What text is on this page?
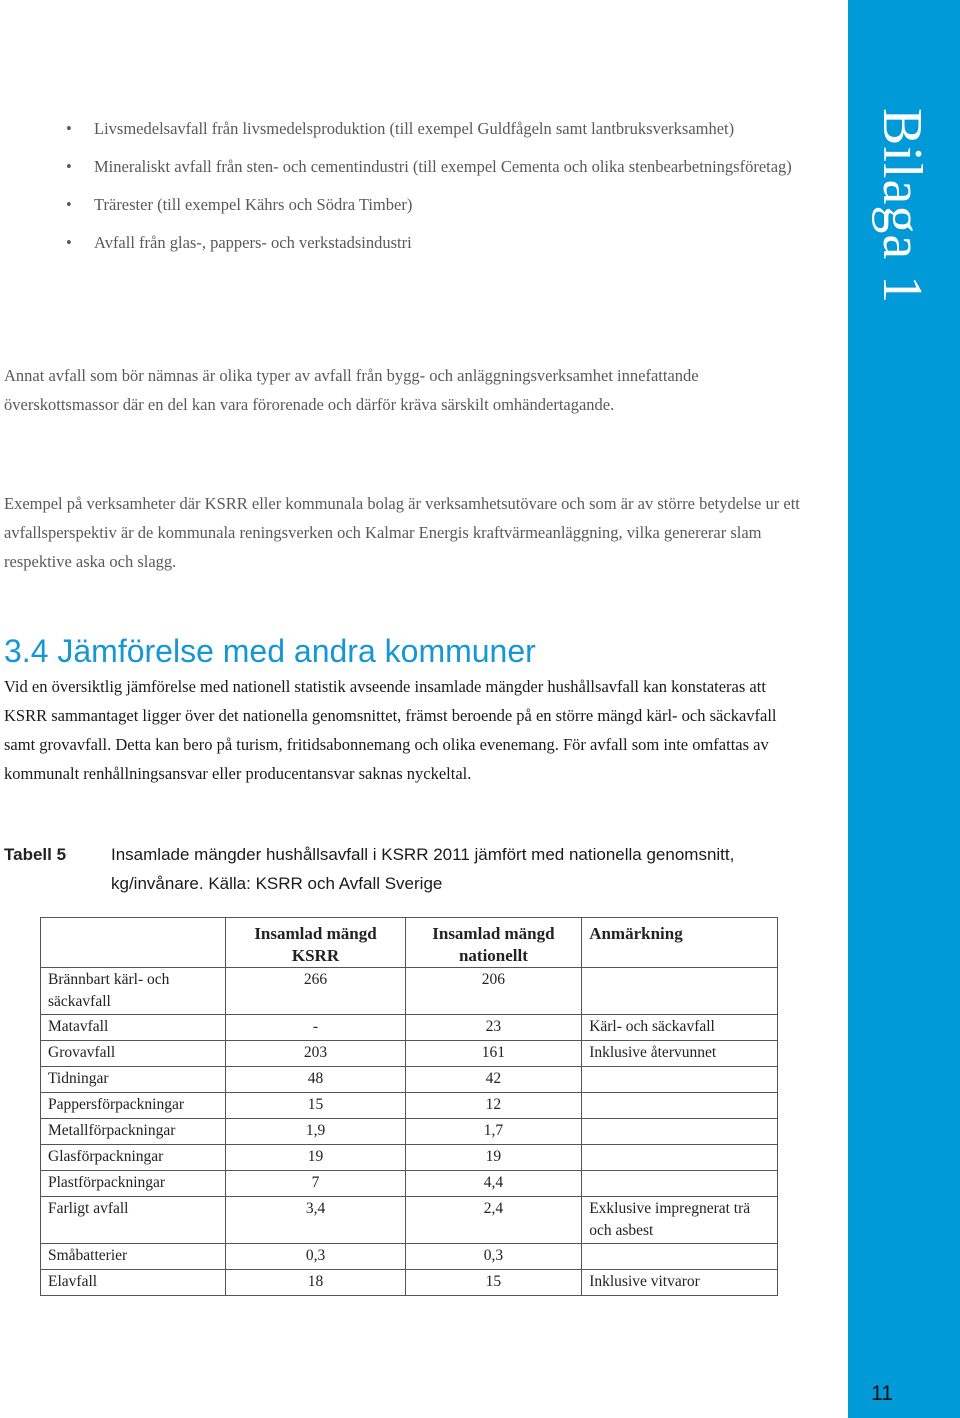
Bilaga 1
11
• Livsmedelsavfall från livsmedelsproduktion (till exempel Guldfågeln samt lantbruksverksamhet)
• Mineraliskt avfall från sten- och cementindustri (till exempel Cementa och olika stenbearbetningsföretag)
• Trärester (till exempel Kährs och Södra Timber)
• Avfall från glas-, pappers- och verkstadsindustri

Annat avfall som bör nämnas är olika typer av avfall från bygg- och anläggningsverksamhet innefattande överskottsmassor där en del kan vara förorenade och därför kräva särskilt omhändertagande.

Exempel på verksamheter där KSRR eller kommunala bolag är verksamhetsutövare och som är av större betydelse ur ett avfallsperspektiv är de kommunala reningsverken och Kalmar Energis kraftvärmeanläggning, vilka genererar slam respektive aska och slagg.

3.4 Jämförelse med andra kommuner

Vid en översiktlig jämförelse med nationell statistik avseende insamlade mängder hushållsavfall kan konstateras att KSRR sammantaget ligger över det nationella genomsnittet, främst beroende på en större mängd kärl- och säckavfall samt grovavfall. Detta kan bero på turism, fritidsabonnemang och olika evenemang. För avfall som inte omfattas av kommunalt renhållningsansvar eller producentansvar saknas nyckeltal.

Tabell 5	Insamlade mängder hushållsavfall i KSRR 2011 jämfört med nationella genomsnitt, kg/invånare. Källa: KSRR och Avfall Sverige
	Insamlad mängd KSRR	Insamlad mängd nationellt	Anmärkning
Brännbart kärl- och säckavfall	266	206	
Matavfall	-	23	Kärl- och säckavfall
Grovavfall	203	161	Inklusive återvunnet
Tidningar	48	42	
Pappersförpackningar	15	12	
Metallförpackningar	1,9	1,7	
Glasförpackningar	19	19	
Plastförpackningar	7	4,4	
Farligt avfall	3,4	2,4	Exklusive impregnerat trä och asbest
Småbatterier	0,3	0,3	
Elavfall	18	15	Inklusive vitvaror
